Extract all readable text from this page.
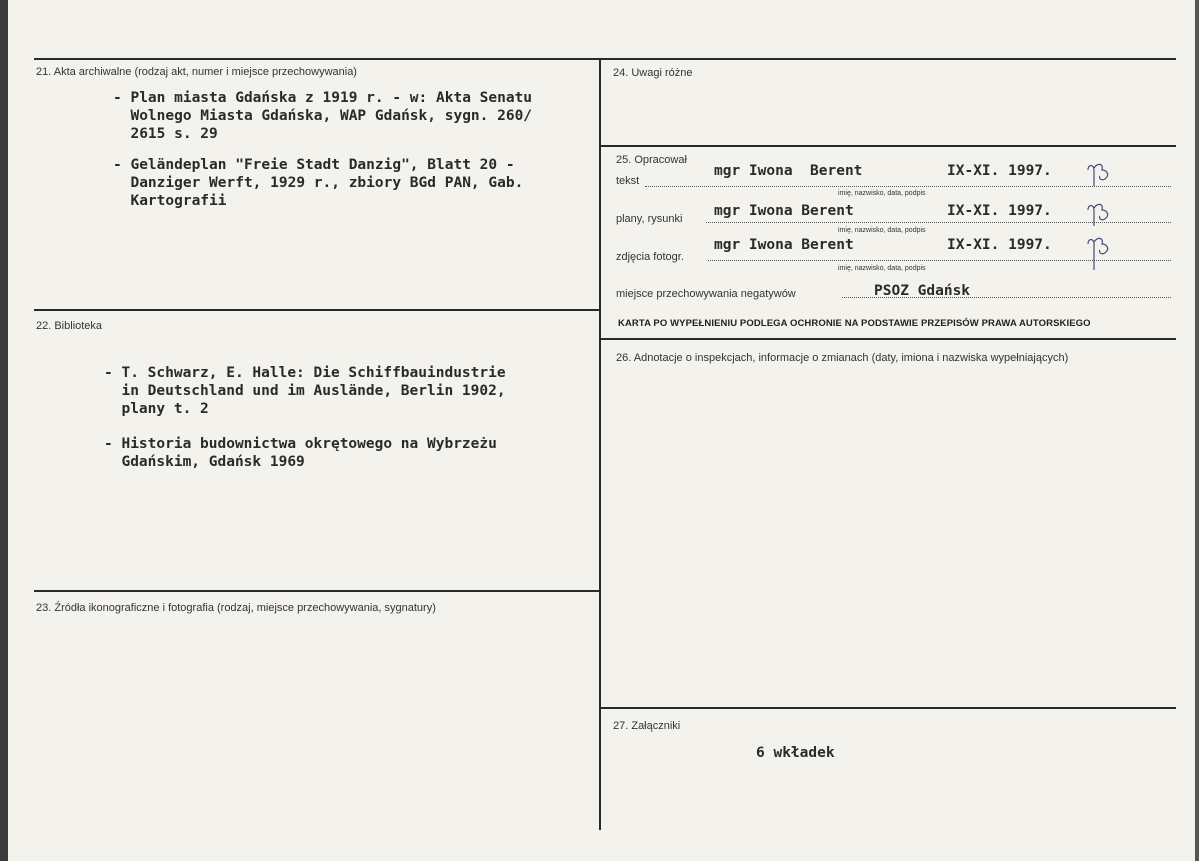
21. Akta archiwalne (rodzaj akt, numer i miejsce przechowywania)
- Plan miasta Gdańska z 1919 r. - w: Akta Senatu
Wolnego Miasta Gdańska, WAP Gdańsk, sygn. 260/
2615 s. 29
- Geländeplan "Freie Stadt Danzig", Blatt 20 -
Danziger Werft, 1929 r., zbiory BGd PAN, Gab.
Kartografii
22. Biblioteka
- T. Schwarz, E. Halle: Die Schiffbauindustrie
in Deutschland und im Auslände, Berlin 1902,
plany t. 2
- Historia budownictwa okrętowego na Wybrzeżu
Gdańskim, Gdańsk 1969
23. Źródła ikonograficzne i fotografia (rodzaj, miejsce przechowywania, sygnatury)
24. Uwagi różne
25. Opracował
tekst
mgr Iwona  Berent	IX-XI. 1997.
imię, nazwisko, data, podpis
plany, rysunki mgr Iwona Berent	IX-XI. 1997.
imię, nazwisko, data, podpis
zdjęcia fotogr.
mgr Iwona Berent	IX-XI. 1997.
imię, nazwisko, data, podpis
miejsce przechowywania negatywów	PSOZ Gdańsk
KARTA PO WYPEŁNIENIU PODLEGA OCHRONIE NA PODSTAWIE PRZEPISÓW PRAWA AUTORSKIEGO
26. Adnotacje o inspekcjach, informacje o zmianach (daty, imiona i nazwiska wypełniających)
27. Załączniki
6 wkładek
